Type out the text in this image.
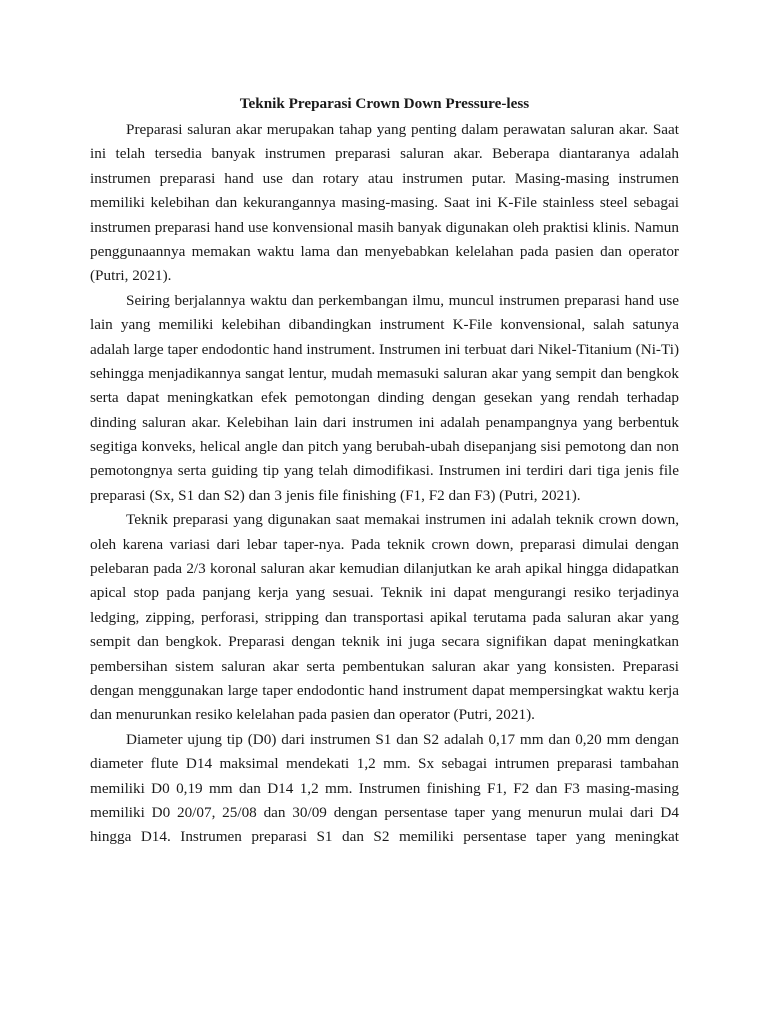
Teknik Preparasi Crown Down Pressure-less
Preparasi saluran akar merupakan tahap yang penting dalam perawatan saluran akar. Saat
ini telah tersedia banyak instrumen preparasi saluran akar. Beberapa diantaranya adalah
instrumen preparasi hand use dan rotary atau instrumen putar. Masing-masing instrumen
memiliki kelebihan dan kekurangannya masing-masing. Saat ini K-File stainless steel sebagai
instrumen preparasi hand use konvensional masih banyak digunakan oleh praktisi klinis. Namun
penggunaannya memakan waktu lama dan menyebabkan kelelahan pada pasien dan operator
(Putri, 2021).
Seiring berjalannya waktu dan perkembangan ilmu, muncul instrumen preparasi hand use
lain yang memiliki kelebihan dibandingkan instrument K-File konvensional, salah satunya
adalah large taper endodontic hand instrument. Instrumen ini terbuat dari Nikel-Titanium (Ni-Ti)
sehingga menjadikannya sangat lentur, mudah memasuki saluran akar yang sempit dan bengkok
serta dapat meningkatkan efek pemotongan dinding dengan gesekan yang rendah terhadap
dinding saluran akar. Kelebihan lain dari instrumen ini adalah penampangnya yang berbentuk
segitiga konveks, helical angle dan pitch yang berubah-ubah disepanjang sisi pemotong dan non
pemotongnya serta guiding tip yang telah dimodifikasi. Instrumen ini terdiri dari tiga jenis file
preparasi (Sx, S1 dan S2) dan 3 jenis file finishing (F1, F2 dan F3) (Putri, 2021).
Teknik preparasi yang digunakan saat memakai instrumen ini adalah teknik crown down,
oleh karena variasi dari lebar taper-nya. Pada teknik crown down, preparasi dimulai dengan
pelebaran pada 2/3 koronal saluran akar kemudian dilanjutkan ke arah apikal hingga didapatkan
apical stop pada panjang kerja yang sesuai. Teknik ini dapat mengurangi resiko terjadinya
ledging, zipping, perforasi, stripping dan transportasi apikal terutama pada saluran akar yang
sempit dan bengkok. Preparasi dengan teknik ini juga secara signifikan dapat meningkatkan
pembersihan sistem saluran akar serta pembentukan saluran akar yang konsisten. Preparasi
dengan menggunakan large taper endodontic hand instrument dapat mempersingkat waktu kerja
dan menurunkan resiko kelelahan pada pasien dan operator (Putri, 2021).
Diameter ujung tip (D0) dari instrumen S1 dan S2 adalah 0,17 mm dan 0,20 mm dengan
diameter flute D14 maksimal mendekati 1,2 mm. Sx sebagai intrumen preparasi tambahan
memiliki D0 0,19 mm dan D14 1,2 mm. Instrumen finishing F1, F2 dan F3 masing-masing
memiliki D0 20/07, 25/08 dan 30/09 dengan persentase taper yang menurun mulai dari D4
hingga D14. Instrumen preparasi S1 dan S2 memiliki persentase taper yang meningkat
